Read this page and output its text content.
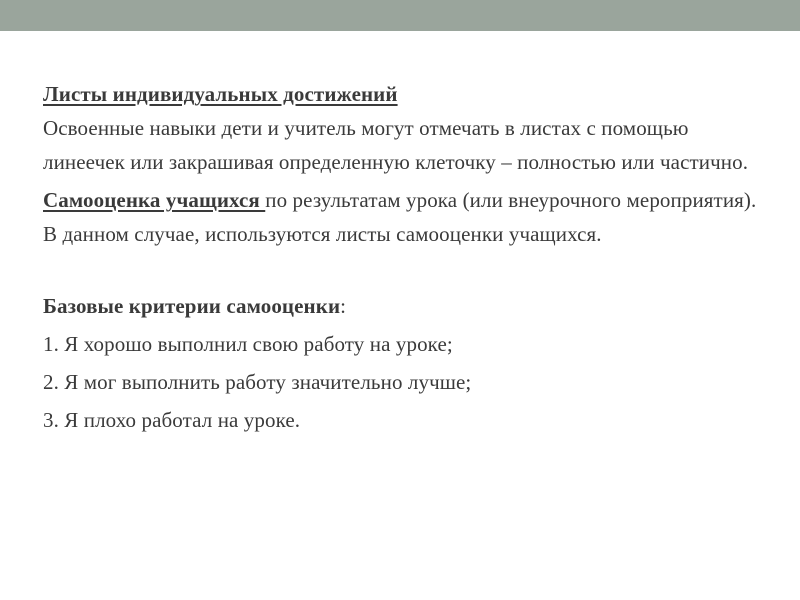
Листы индивидуальных достижений
Освоенные навыки дети и учитель могут отмечать в листах с помощью линеечек или закрашивая определенную клеточку – полностью или частично.
Самооценка учащихся по результатам урока (или внеурочного мероприятия). В данном случае, используются листы самооценки учащихся.
Базовые критерии самооценки:
1. Я хорошо выполнил свою работу на уроке;
2. Я мог выполнить работу значительно лучше;
3. Я плохо работал на уроке.
